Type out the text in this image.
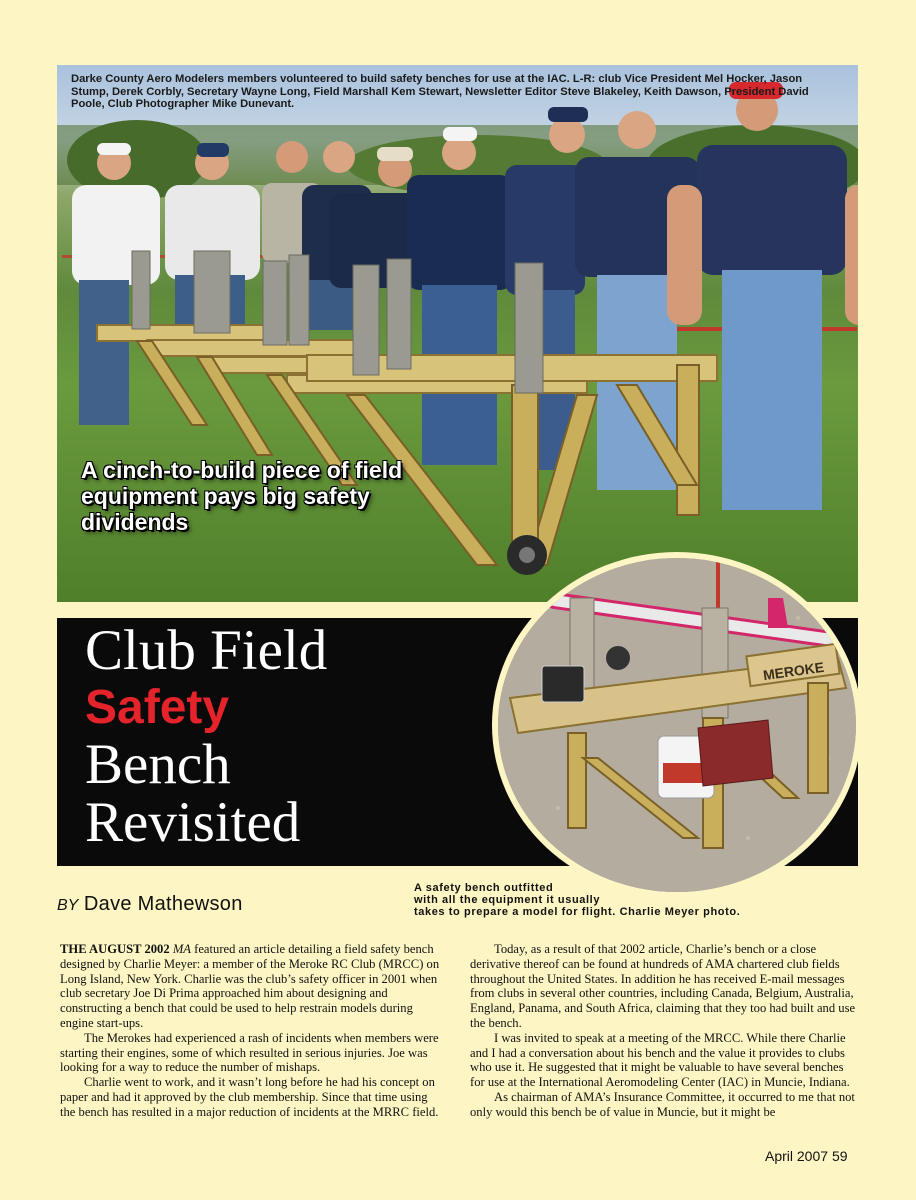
Darke County Aero Modelers members volunteered to build safety benches for use at the IAC. L-R: club Vice President Mel Hocker, Jason Stump, Derek Corbly, Secretary Wayne Long, Field Marshall Kem Stewart, Newsletter Editor Steve Blakeley, Keith Dawson, President David Poole, Club Photographer Mike Dunevant.
A cinch-to-build piece of field equipment pays big safety dividends
Club Field
Safety
Bench
Revisited
MEROKE
A safety bench outfitted
with all the equipment it usually
takes to prepare a model for flight. Charlie Meyer photo.
BY Dave Mathewson

THE AUGUST 2002 MA featured an article detailing a field safety bench designed by Charlie Meyer: a member of the Meroke RC Club (MRCC) on Long Island, New York. Charlie was the club’s safety officer in 2001 when club secretary Joe Di Prima approached him about designing and constructing a bench that could be used to help restrain models during engine start-ups.

The Merokes had experienced a rash of incidents when members were starting their engines, some of which resulted in serious injuries. Joe was looking for a way to reduce the number of mishaps.

Charlie went to work, and it wasn’t long before he had his concept on paper and had it approved by the club membership. Since that time using the bench has resulted in a major reduction of incidents at the MRRC field.

Today, as a result of that 2002 article, Charlie’s bench or a close derivative thereof can be found at hundreds of AMA chartered club fields throughout the United States. In addition he has received E-mail messages from clubs in several other countries, including Canada, Belgium, Australia, England, Panama, and South Africa, claiming that they too had built and use the bench.

I was invited to speak at a meeting of the MRCC. While there Charlie and I had a conversation about his bench and the value it provides to clubs who use it. He suggested that it might be valuable to have several benches for use at the International Aeromodeling Center (IAC) in Muncie, Indiana.

As chairman of AMA’s Insurance Committee, it occurred to me that not only would this bench be of value in Muncie, but it might be

April 2007 59
